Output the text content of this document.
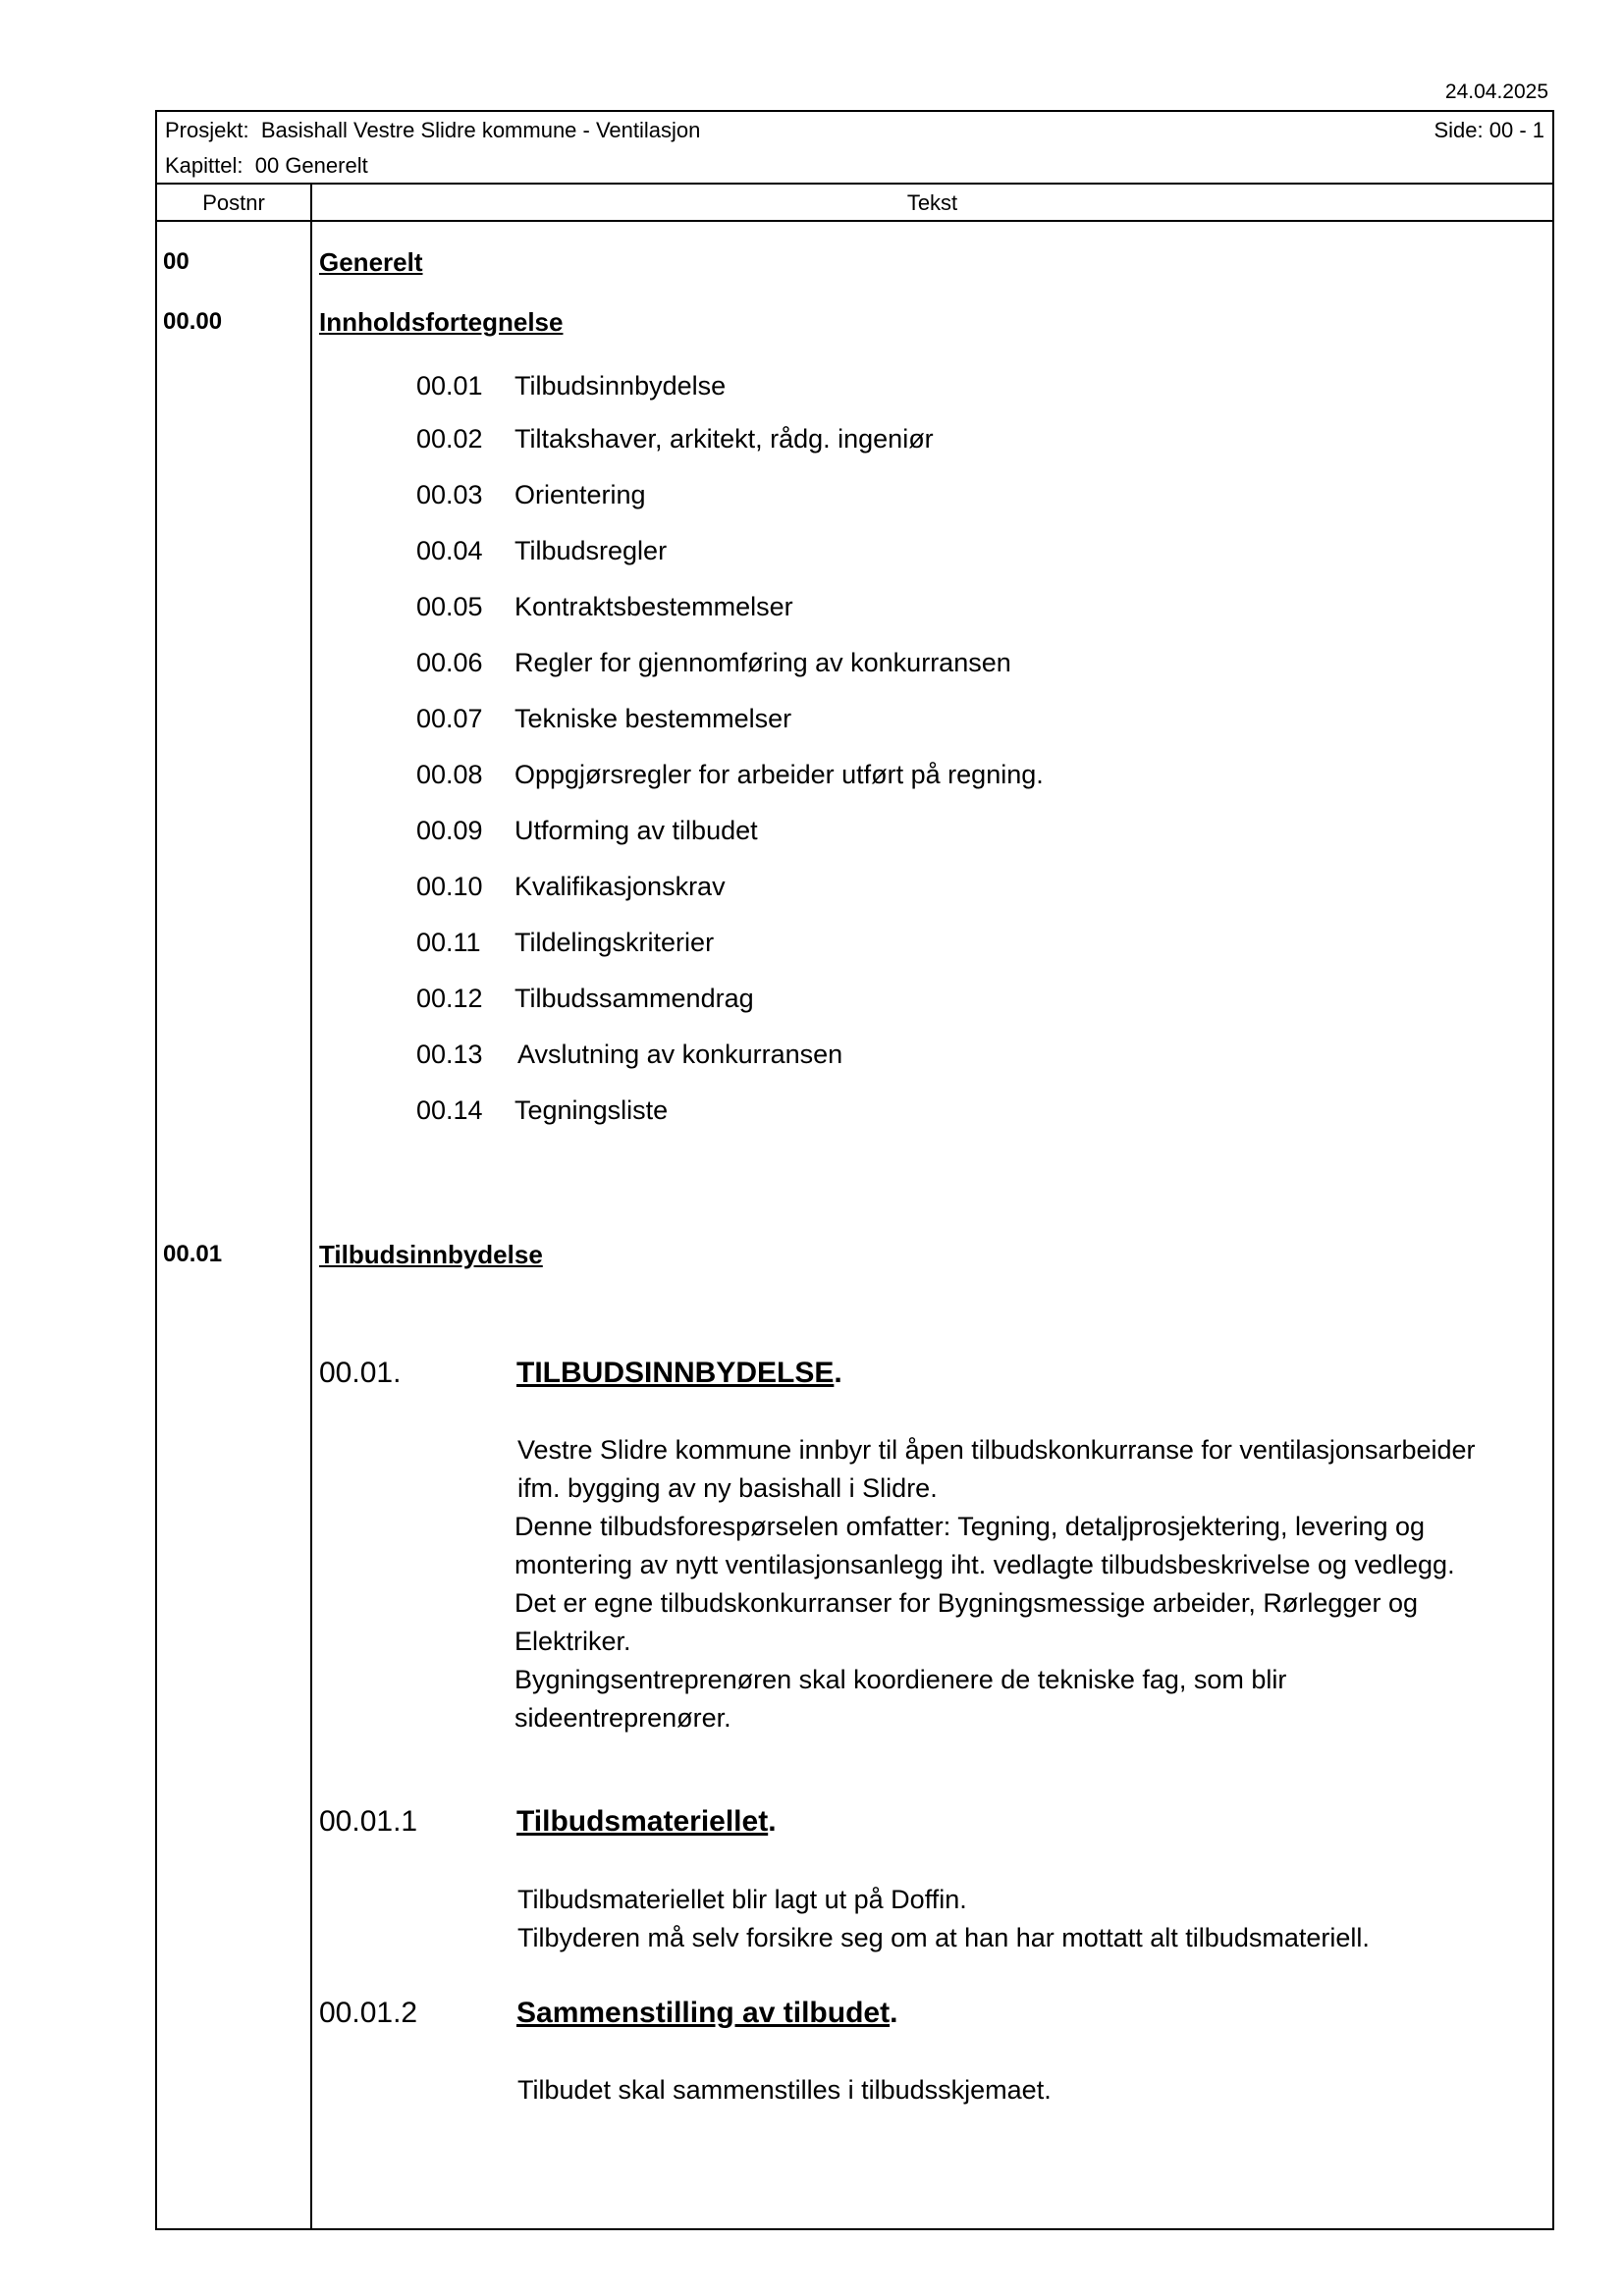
24.04.2025
Prosjekt: Basishall Vestre Slidre kommune - Ventilasjon	Side: 00 - 1
Kapittel: 00 Generelt
Postnr	Tekst
00	Generelt
00.00	Innholdsfortegnelse
00.01 Tilbudsinnbydelse
00.02 Tiltakshaver, arkitekt, rådg. ingeniør
00.03 Orientering
00.04 Tilbudsregler
00.05 Kontraktsbestemmelser
00.06 Regler for gjennomføring av konkurransen
00.07 Tekniske bestemmelser
00.08 Oppgjørsregler for arbeider utført på regning.
00.09 Utforming av tilbudet
00.10 Kvalifikasjonskrav
00.11 Tildelingskriterier
00.12 Tilbudssammendrag
00.13 Avslutning av konkurransen
00.14 Tegningsliste
00.01	Tilbudsinnbydelse
00.01.	TILBUDSINNBYDELSE.
Vestre Slidre kommune innbyr til åpen tilbudskonkurranse for ventilasjonsarbeider
ifm. bygging av ny basishall i Slidre.
Denne tilbudsforespørselen omfatter: Tegning, detaljprosjektering, levering og
montering av nytt ventilasjonsanlegg iht. vedlagte tilbudsbeskrivelse og vedlegg.
Det er egne tilbudskonkurranser for Bygningsmessige arbeider, Rørlegger og
Elektriker.
Bygningsentreprenøren skal koordienere de tekniske fag, som blir
sideentreprenører.
00.01.1	Tilbudsmateriellet.
Tilbudsmateriellet blir lagt ut på Doffin.
Tilbyderen må selv forsikre seg om at han har mottatt alt tilbudsmateriell.
00.01.2	Sammenstilling av tilbudet.
Tilbudet skal sammenstilles i tilbudsskjemaet.
